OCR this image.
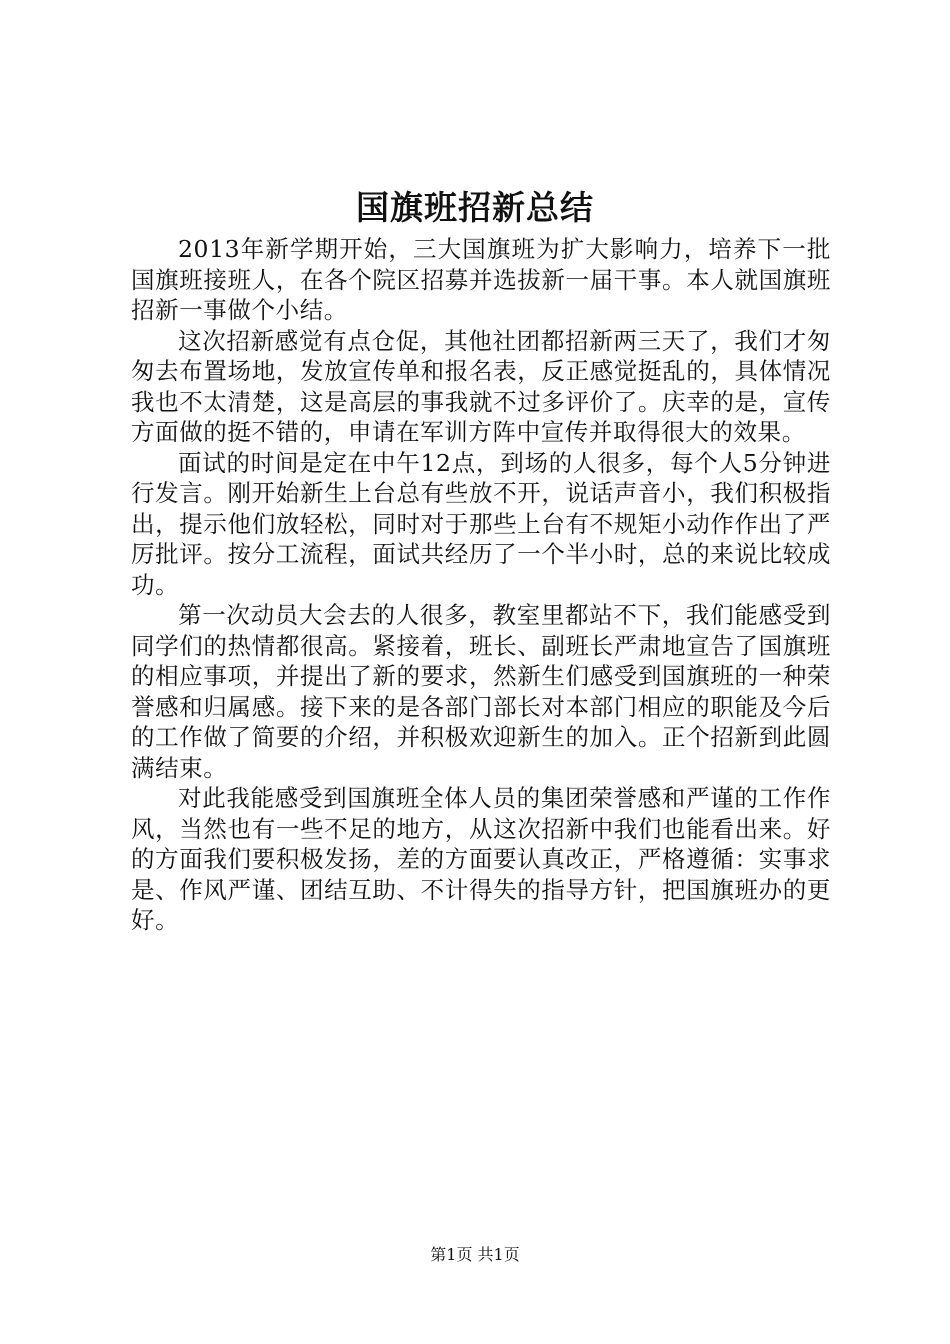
国旗班招新总结

2013年新学期开始，三大国旗班为扩大影响力，培养下一批国旗班接班人，在各个院区招募并选拔新一届干事。本人就国旗班招新一事做个小结。

这次招新感觉有点仓促，其他社团都招新两三天了，我们才匆匆去布置场地，发放宣传单和报名表，反正感觉挺乱的，具体情况我也不太清楚，这是高层的事我就不过多评价了。庆幸的是，宣传方面做的挺不错的，申请在军训方阵中宣传并取得很大的效果。

面试的时间是定在中午12点，到场的人很多，每个人5分钟进行发言。刚开始新生上台总有些放不开，说话声音小，我们积极指出，提示他们放轻松，同时对于那些上台有不规矩小动作作出了严厉批评。按分工流程，面试共经历了一个半小时，总的来说比较成功。

第一次动员大会去的人很多，教室里都站不下，我们能感受到同学们的热情都很高。紧接着，班长、副班长严肃地宣告了国旗班的相应事项，并提出了新的要求，然新生们感受到国旗班的一种荣誉感和归属感。接下来的是各部门部长对本部门相应的职能及今后的工作做了简要的介绍，并积极欢迎新生的加入。正个招新到此圆满结束。

对此我能感受到国旗班全体人员的集团荣誉感和严谨的工作作风，当然也有一些不足的地方，从这次招新中我们也能看出来。好的方面我们要积极发扬，差的方面要认真改正，严格遵循：实事求是、作风严谨、团结互助、不计得失的指导方针，把国旗班办的更好。

第1页 共1页
